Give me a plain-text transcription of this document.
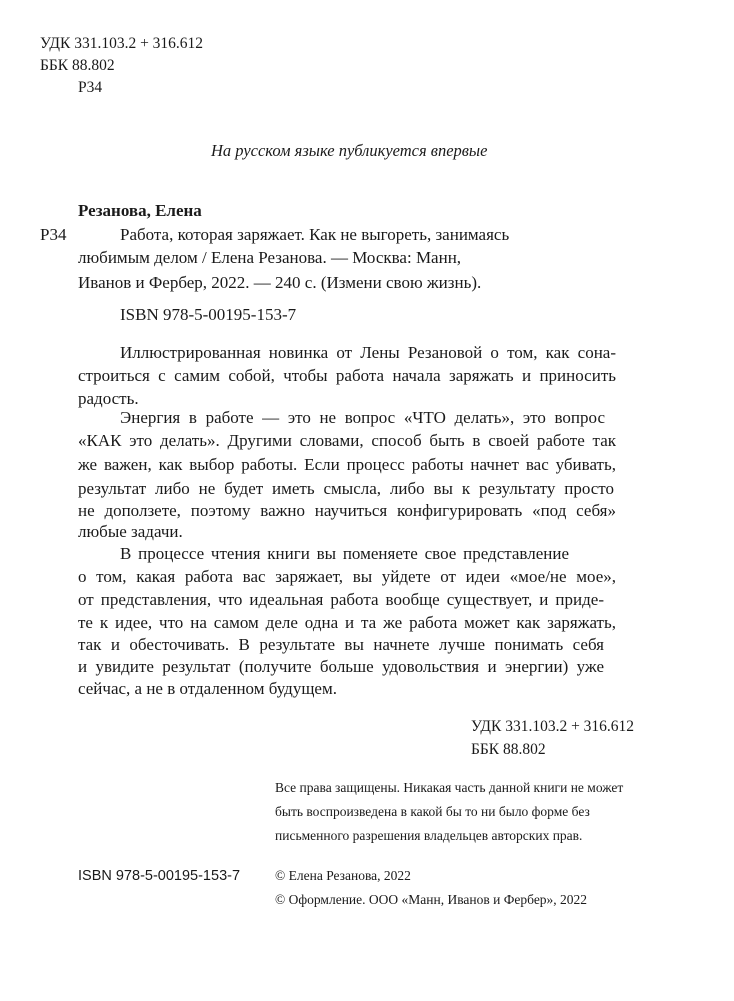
УДК 331.103.2 + 316.612
ББК 88.802
Р34
На русском языке публикуется впервые
Резанова, Елена
Р34	Работа, которая заряжает. Как не выгореть, занимаясь
любимым делом / Елена Резанова. — Москва: Манн,
Иванов и Фербер, 2022. — 240 с. (Измени свою жизнь).
ISBN 978-5-00195-153-7
Иллюстрированная новинка от Лены Резановой о том, как сона-
строиться с самим собой, чтобы работа начала заряжать и приносить
радость.
Энергия в работе — это не вопрос «ЧТО делать», это вопрос
«КАК это делать». Другими словами, способ быть в своей работе так
же важен, как выбор работы. Если процесс работы начнет вас убивать,
результат либо не будет иметь смысла, либо вы к результату просто
не доползете, поэтому важно научиться конфигурировать «под себя»
любые задачи.
В процессе чтения книги вы поменяете свое представление
о том, какая работа вас заряжает, вы уйдете от идеи «мое/не мое»,
от представления, что идеальная работа вообще существует, и приде-
те к идее, что на самом деле одна и та же работа может как заряжать,
так и обесточивать. В результате вы начнете лучше понимать себя
и увидите результат (получите больше удовольствия и энергии) уже
сейчас, а не в отдаленном будущем.
УДК 331.103.2 + 316.612
ББК 88.802
Все права защищены. Никакая часть данной книги не может
быть воспроизведена в какой бы то ни было форме без
письменного разрешения владельцев авторских прав.
ISBN 978-5-00195-153-7	© Елена Резанова, 2022
© Оформление. ООО «Манн, Иванов и Фербер», 2022
